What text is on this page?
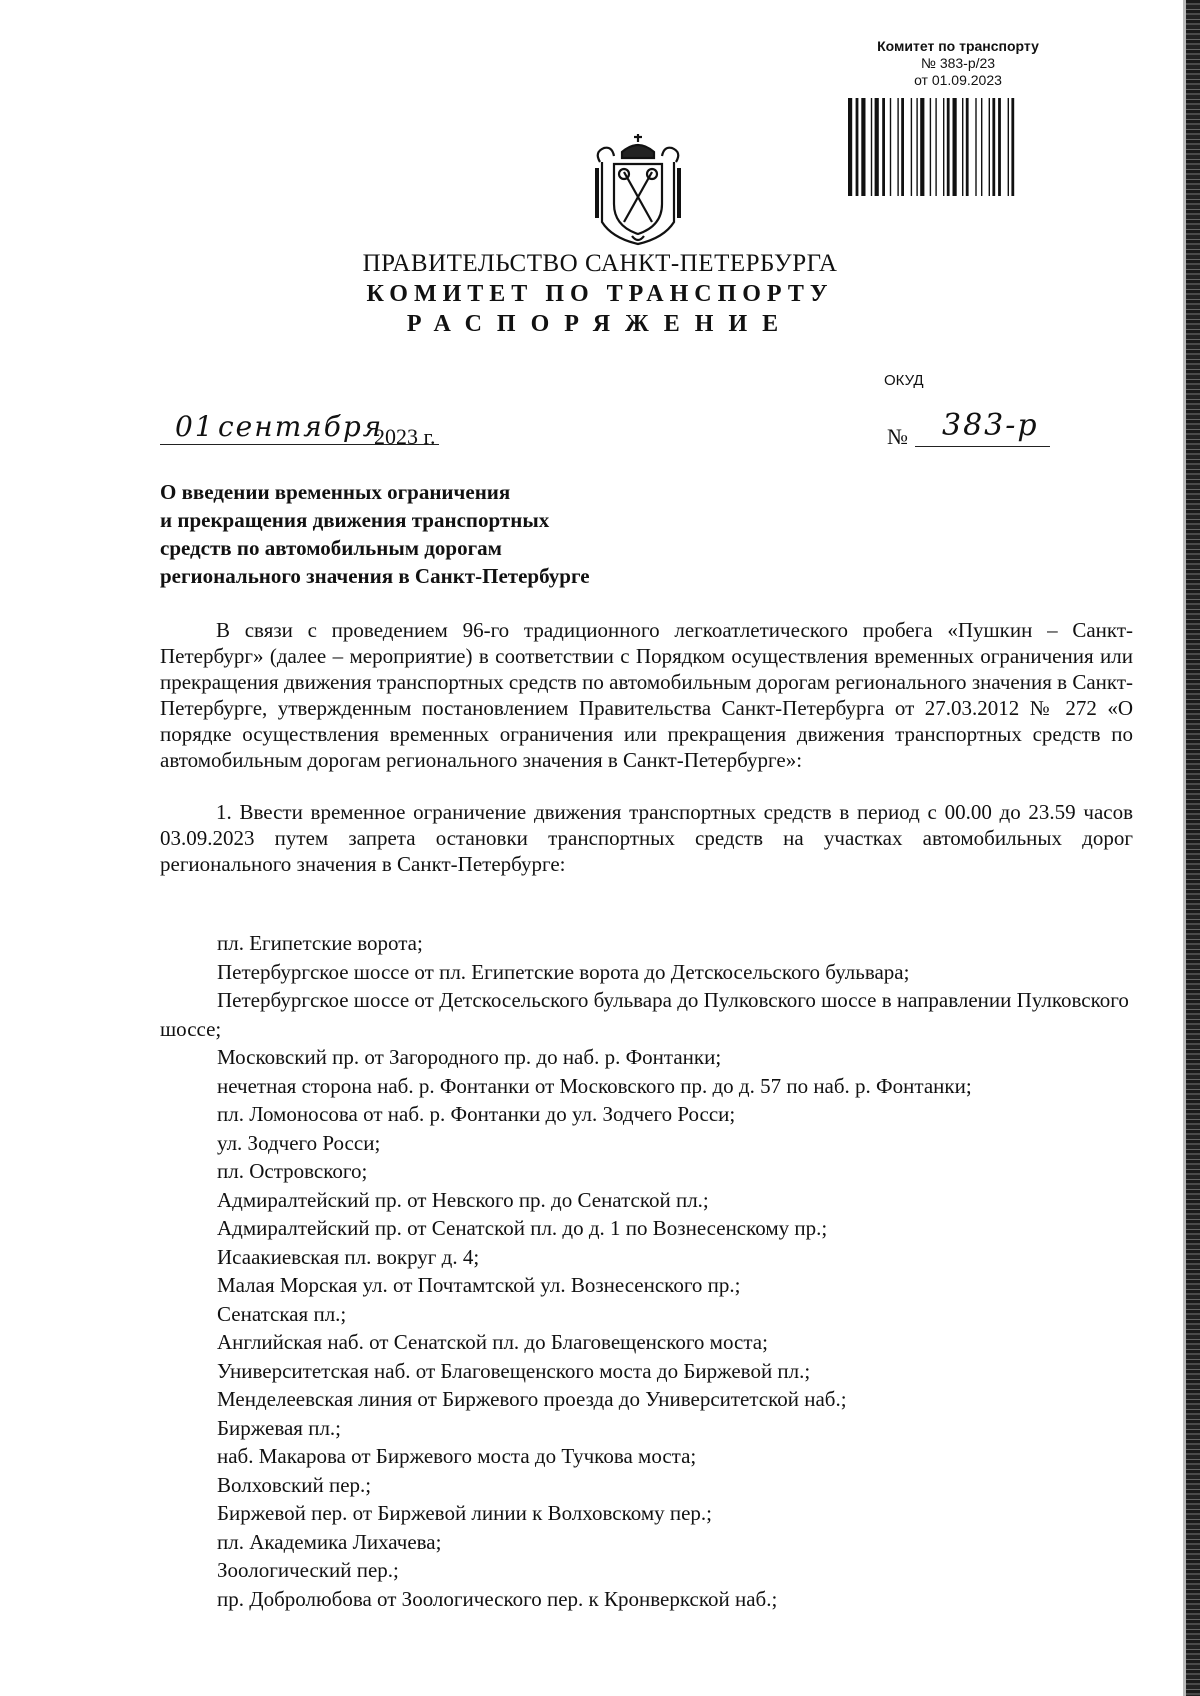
Комитет по транспорту
№ 383-р/23
от 01.09.2023
ПРАВИТЕЛЬСТВО САНКТ-ПЕТЕРБУРГА
КОМИТЕТ ПО ТРАНСПОРТУ
РАСПОРЯЖЕНИЕ
ОКУД
01 сентября
2023 г.	№ 383-р
О введении временных ограничения
и прекращения движения транспортных
средств по автомобильным дорогам
регионального значения в Санкт-Петербурге

В связи с проведением 96-го традиционного легкоатлетического пробега «Пушкин – Санкт-Петербург» (далее – мероприятие) в соответствии с Порядком осуществления временных ограничения или прекращения движения транспортных средств по автомобильным дорогам регионального значения в Санкт-Петербурге, утвержденным постановлением Правительства Санкт-Петербурга от 27.03.2012 № 272 «О порядке осуществления временных ограничения или прекращения движения транспортных средств по автомобильным дорогам регионального значения в Санкт-Петербурге»:

1. Ввести временное ограничение движения транспортных средств в период с 00.00 до 23.59 часов 03.09.2023 путем запрета остановки транспортных средств на участках автомобильных дорог регионального значения в Санкт-Петербурге:

пл. Египетские ворота;
Петербургское шоссе от пл. Египетские ворота до Детскосельского бульвара;
Петербургское шоссе от Детскосельского бульвара до Пулковского шоссе в направлении Пулковского шоссе;
Московский пр. от Загородного пр. до наб. р. Фонтанки;
нечетная сторона наб. р. Фонтанки от Московского пр. до д. 57 по наб. р. Фонтанки;
пл. Ломоносова от наб. р. Фонтанки до ул. Зодчего Росси;
ул. Зодчего Росси;
пл. Островского;
Адмиралтейский пр. от Невского пр. до Сенатской пл.;
Адмиралтейский пр. от Сенатской пл. до д. 1 по Вознесенскому пр.;
Исаакиевская пл. вокруг д. 4;
Малая Морская ул. от Почтамтской ул. Вознесенского пр.;
Сенатская пл.;
Английская наб. от Сенатской пл. до Благовещенского моста;
Университетская наб. от Благовещенского моста до Биржевой пл.;
Менделеевская линия от Биржевого проезда до Университетской наб.;
Биржевая пл.;
наб. Макарова от Биржевого моста до Тучкова моста;
Волховский пер.;
Биржевой пер. от Биржевой линии к Волховскому пер.;
пл. Академика Лихачева;
Зоологический пер.;
пр. Добролюбова от Зоологического пер. к Кронверкской наб.;
